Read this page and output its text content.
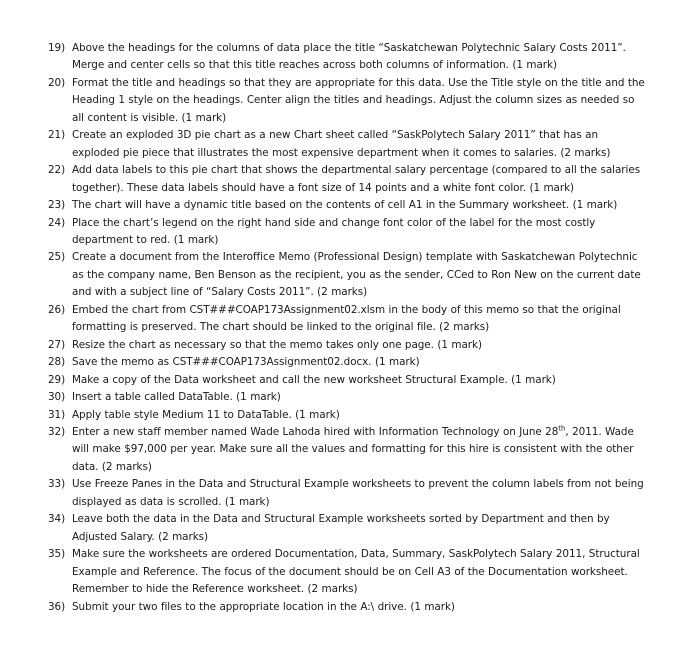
19) Above the headings for the columns of data place the title “Saskatchewan Polytechnic Salary Costs 2011”. Merge and center cells so that this title reaches across both columns of information. (1 mark)
20) Format the title and headings so that they are appropriate for this data. Use the Title style on the title and the Heading 1 style on the headings. Center align the titles and headings. Adjust the column sizes as needed so all content is visible. (1 mark)
21) Create an exploded 3D pie chart as a new Chart sheet called “SaskPolytech Salary 2011” that has an exploded pie piece that illustrates the most expensive department when it comes to salaries. (2 marks)
22) Add data labels to this pie chart that shows the departmental salary percentage (compared to all the salaries together). These data labels should have a font size of 14 points and a white font color. (1 mark)
23) The chart will have a dynamic title based on the contents of cell A1 in the Summary worksheet. (1 mark)
24) Place the chart’s legend on the right hand side and change font color of the label for the most costly department to red. (1 mark)
25) Create a document from the Interoffice Memo (Professional Design) template with Saskatchewan Polytechnic as the company name, Ben Benson as the recipient, you as the sender, CCed to Ron New on the current date and with a subject line of “Salary Costs 2011”. (2 marks)
26) Embed the chart from CST###COAP173Assignment02.xlsm in the body of this memo so that the original formatting is preserved. The chart should be linked to the original file. (2 marks)
27) Resize the chart as necessary so that the memo takes only one page. (1 mark)
28) Save the memo as CST###COAP173Assignment02.docx. (1 mark)
29) Make a copy of the Data worksheet and call the new worksheet Structural Example. (1 mark)
30) Insert a table called DataTable. (1 mark)
31) Apply table style Medium 11 to DataTable. (1 mark)
32) Enter a new staff member named Wade Lahoda hired with Information Technology on June 28th, 2011. Wade will make $97,000 per year. Make sure all the values and formatting for this hire is consistent with the other data. (2 marks)
33) Use Freeze Panes in the Data and Structural Example worksheets to prevent the column labels from not being displayed as data is scrolled. (1 mark)
34) Leave both the data in the Data and Structural Example worksheets sorted by Department and then by Adjusted Salary. (2 marks)
35) Make sure the worksheets are ordered Documentation, Data, Summary, SaskPolytech Salary 2011, Structural Example and Reference. The focus of the document should be on Cell A3 of the Documentation worksheet. Remember to hide the Reference worksheet. (2 marks)
36) Submit your two files to the appropriate location in the A:\ drive. (1 mark)
